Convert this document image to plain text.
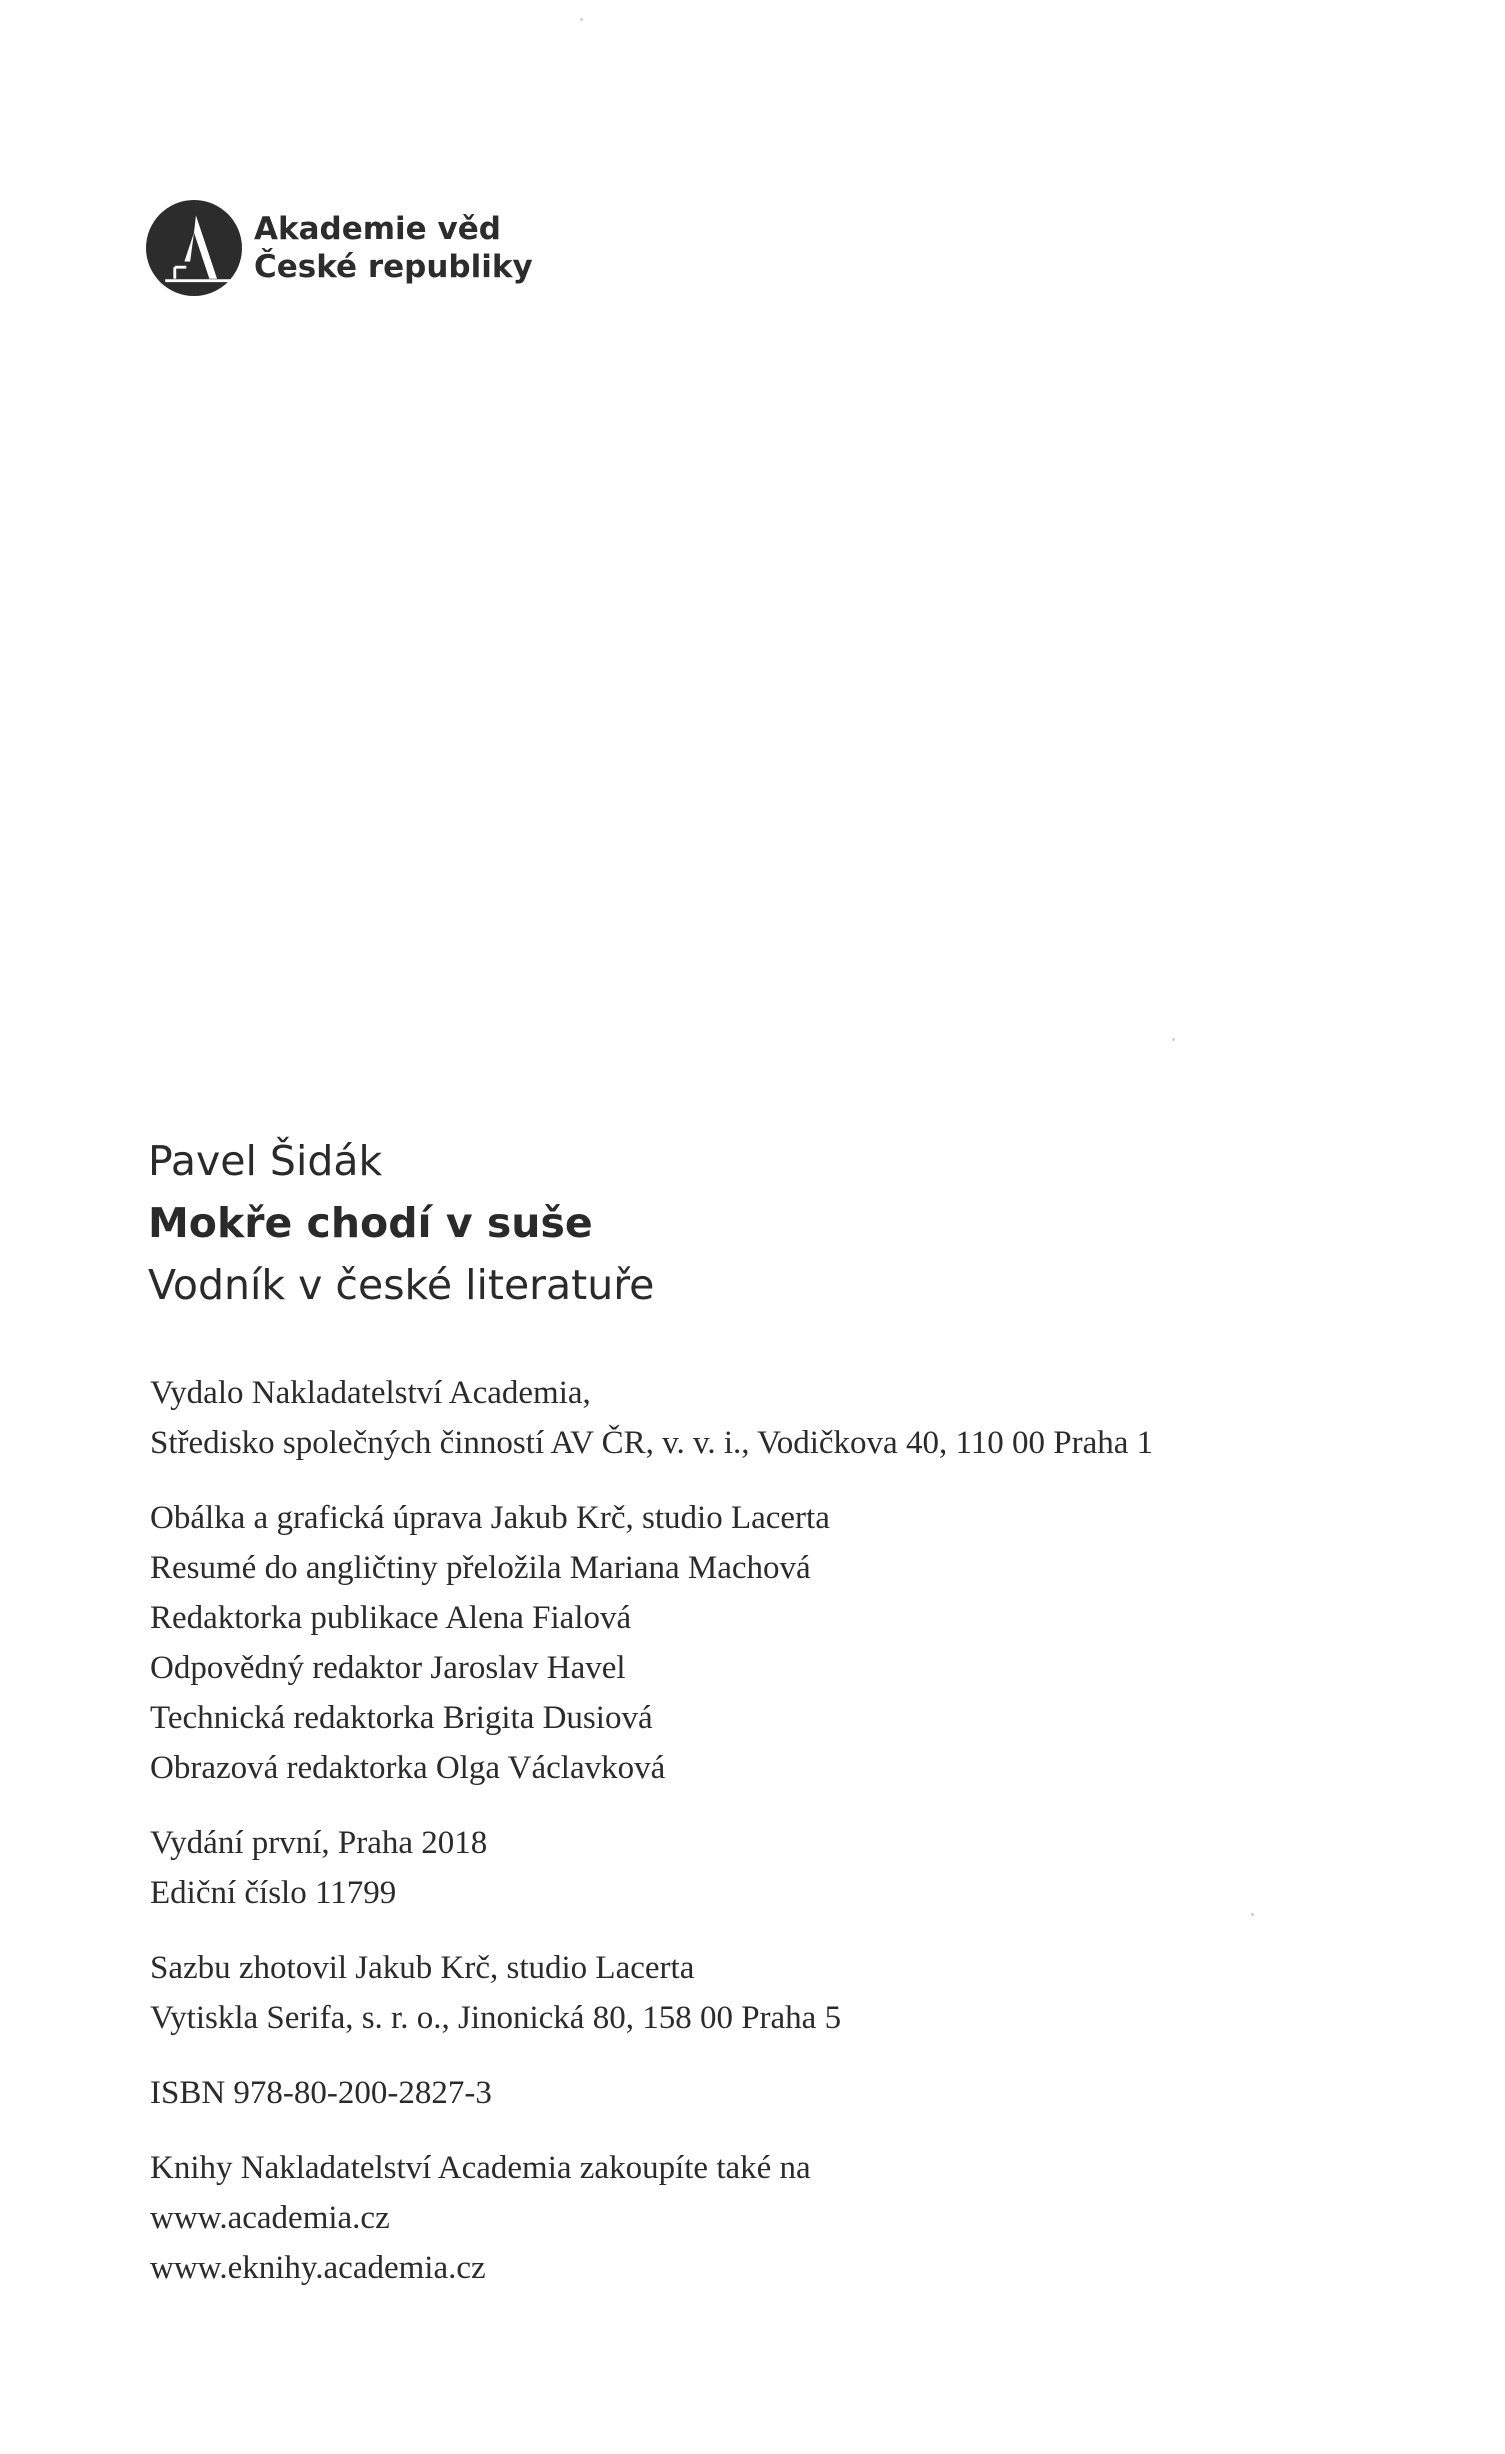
Akademie věd
České republiky
Pavel Šidák
Mokře chodí v suše
Vodník v české literatuře
Vydalo Nakladatelství Academia,
Středisko společných činností AV ČR, v. v. i., Vodičkova 40, 110 00 Praha 1
Obálka a grafická úprava Jakub Krč, studio Lacerta
Resumé do angličtiny přeložila Mariana Machová
Redaktorka publikace Alena Fialová
Odpovědný redaktor Jaroslav Havel
Technická redaktorka Brigita Dusiová
Obrazová redaktorka Olga Václavková
Vydání první, Praha 2018
Ediční číslo 11799
Sazbu zhotovil Jakub Krč, studio Lacerta
Vytiskla Serifa, s. r. o., Jinonická 80, 158 00 Praha 5
ISBN 978-80-200-2827-3
Knihy Nakladatelství Academia zakoupíte také na
www.academia.cz
www.eknihy.academia.cz
